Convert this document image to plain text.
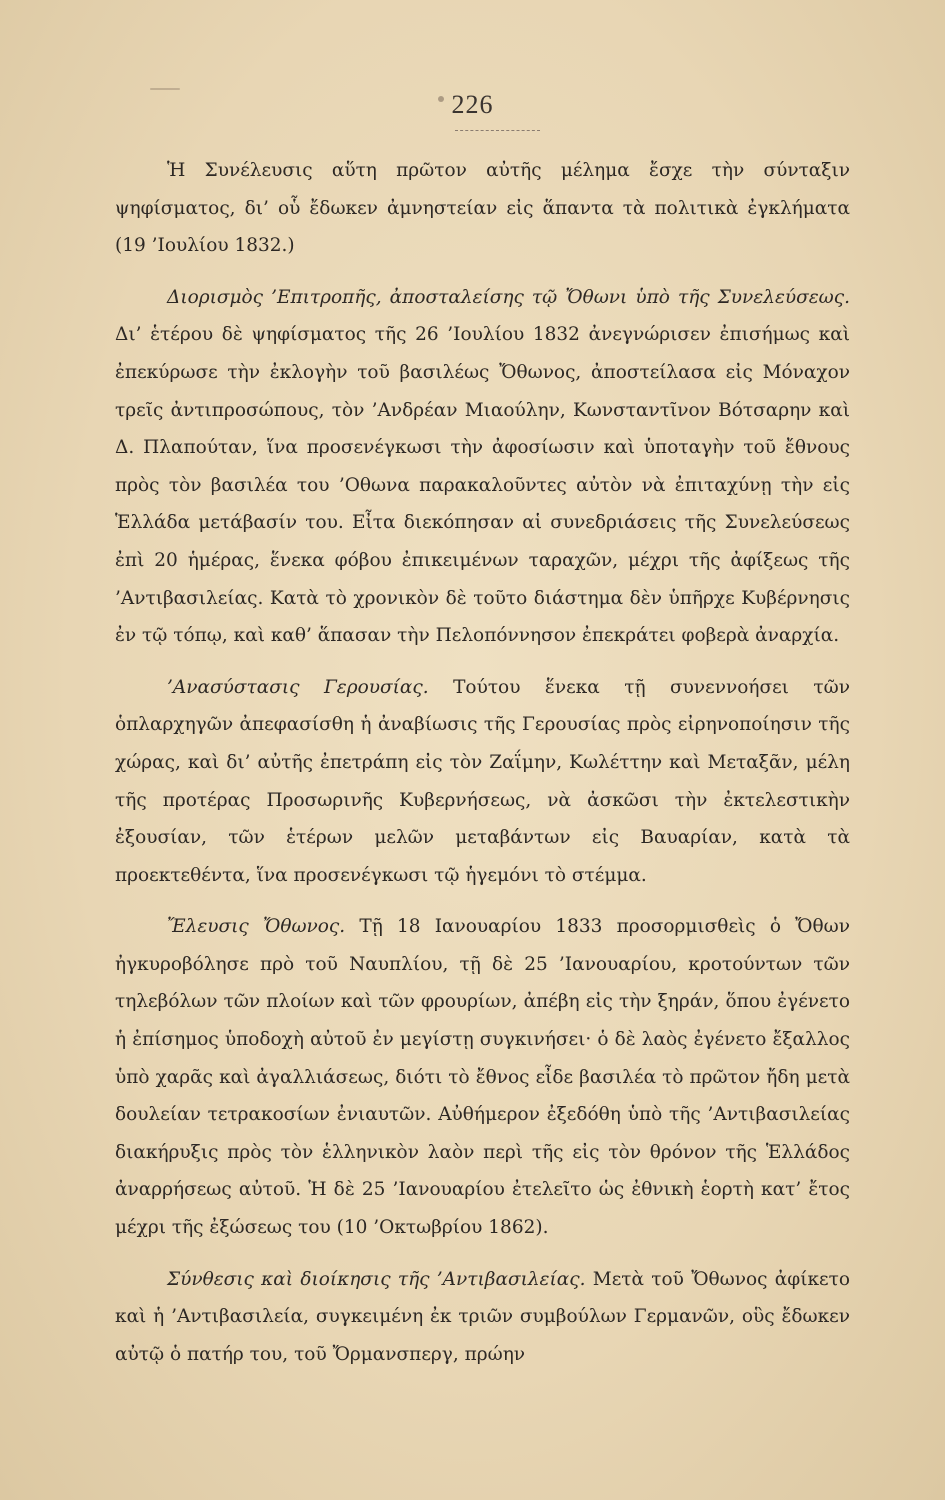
226

Ἡ Συνέλευσις αὕτη πρῶτον αὐτῆς μέλημα ἔσχε τὴν σύνταξιν ψηφίσματος, δι’ οὗ ἔδωκεν ἀμνηστείαν εἰς ἅπαντα τὰ πολιτικὰ ἐγκλήματα (19 ’Ιουλίου 1832.)

Διορισμὸς ’Επιτροπῆς, ἀποσταλείσης τῷ Ὄθωνι ὑπὸ τῆς Συνελεύσεως. Δι’ ἑτέρου δὲ ψηφίσματος τῆς 26 ’Ιουλίου 1832 ἀνεγνώρισεν ἐπισήμως καὶ ἐπεκύρωσε τὴν ἐκλογὴν τοῦ βασιλέως Ὄθωνος, ἀποστείλασα εἰς Μόναχον τρεῖς ἀντιπροσώπους, τὸν ’Ανδρέαν Μιαούλην, Κωνσταντῖνον Βότσαρην καὶ Δ. Πλαπούταν, ἵνα προσενέγκωσι τὴν ἀφοσίωσιν καὶ ὑποταγὴν τοῦ ἔθνους πρὸς τὸν βασιλέα του ’Οθωνα παρακαλοῦντες αὐτὸν νὰ ἐπιταχύνῃ τὴν εἰς Ἑλλάδα μετάβασίν του. Εἶτα διεκόπησαν αἱ συνεδριάσεις τῆς Συνελεύσεως ἐπὶ 20 ἡμέρας, ἕνεκα φόβου ἐπικειμένων ταραχῶν, μέχρι τῆς ἀφίξεως τῆς ’Αντιβασιλείας. Κατὰ τὸ χρονικὸν δὲ τοῦτο διάστημα δὲν ὑπῆρχε Κυβέρνησις ἐν τῷ τόπῳ, καὶ καθ’ ἅπασαν τὴν Πελοπόννησον ἐπεκράτει φοβερὰ ἀναρχία.

’Ανασύστασις Γερουσίας. Τούτου ἕνεκα τῇ συνεννοήσει τῶν ὁπλαρχηγῶν ἀπεφασίσθη ἡ ἀναβίωσις τῆς Γερουσίας πρὸς εἰρηνοποίησιν τῆς χώρας, καὶ δι’ αὐτῆς ἐπετράπη εἰς τὸν Ζαΐμην, Κωλέττην καὶ Μεταξᾶν, μέλη τῆς προτέρας Προσωρινῆς Κυβερνήσεως, νὰ ἀσκῶσι τὴν ἐκτελεστικὴν ἐξουσίαν, τῶν ἑτέρων μελῶν μεταβάντων εἰς Βαυαρίαν, κατὰ τὰ προεκτεθέντα, ἵνα προσενέγκωσι τῷ ἡγεμόνι τὸ στέμμα.

Ἔλευσις Ὄθωνος. Τῇ 18 Ιανουαρίου 1833 προσορμισθεὶς ὁ Ὄθων ἠγκυροβόλησε πρὸ τοῦ Ναυπλίου, τῇ δὲ 25 ’Ιανουαρίου, κροτούντων τῶν τηλεβόλων τῶν πλοίων καὶ τῶν φρουρίων, ἀπέβη εἰς τὴν ξηράν, ὅπου ἐγένετο ἡ ἐπίσημος ὑποδοχὴ αὐτοῦ ἐν μεγίστῃ συγκινήσει· ὁ δὲ λαὸς ἐγένετο ἔξαλλος ὑπὸ χαρᾶς καὶ ἀγαλλιάσεως, διότι τὸ ἔθνος εἶδε βασιλέα τὸ πρῶτον ἤδη μετὰ δουλείαν τετρακοσίων ἐνιαυτῶν. Αὐθήμερον ἐξεδόθη ὑπὸ τῆς ’Αντιβασιλείας διακήρυξις πρὸς τὸν ἑλληνικὸν λαὸν περὶ τῆς εἰς τὸν θρόνον τῆς Ἑλλάδος ἀναρρήσεως αὐτοῦ. Ἡ δὲ 25 ’Ιανουαρίου ἐτελεῖτο ὡς ἐθνικὴ ἑορτὴ κατ’ ἔτος μέχρι τῆς ἐξώσεως του (10 ’Οκτωβρίου 1862).

Σύνθεσις καὶ διοίκησις τῆς ’Αντιβασιλείας. Μετὰ τοῦ Ὄθωνος ἀφίκετο καὶ ἡ ’Αντιβασιλεία, συγκειμένη ἐκ τριῶν συμβούλων Γερμανῶν, οὓς ἔδωκεν αὐτῷ ὁ πατήρ του, τοῦ Ὄρμανσπεργ, πρώην
